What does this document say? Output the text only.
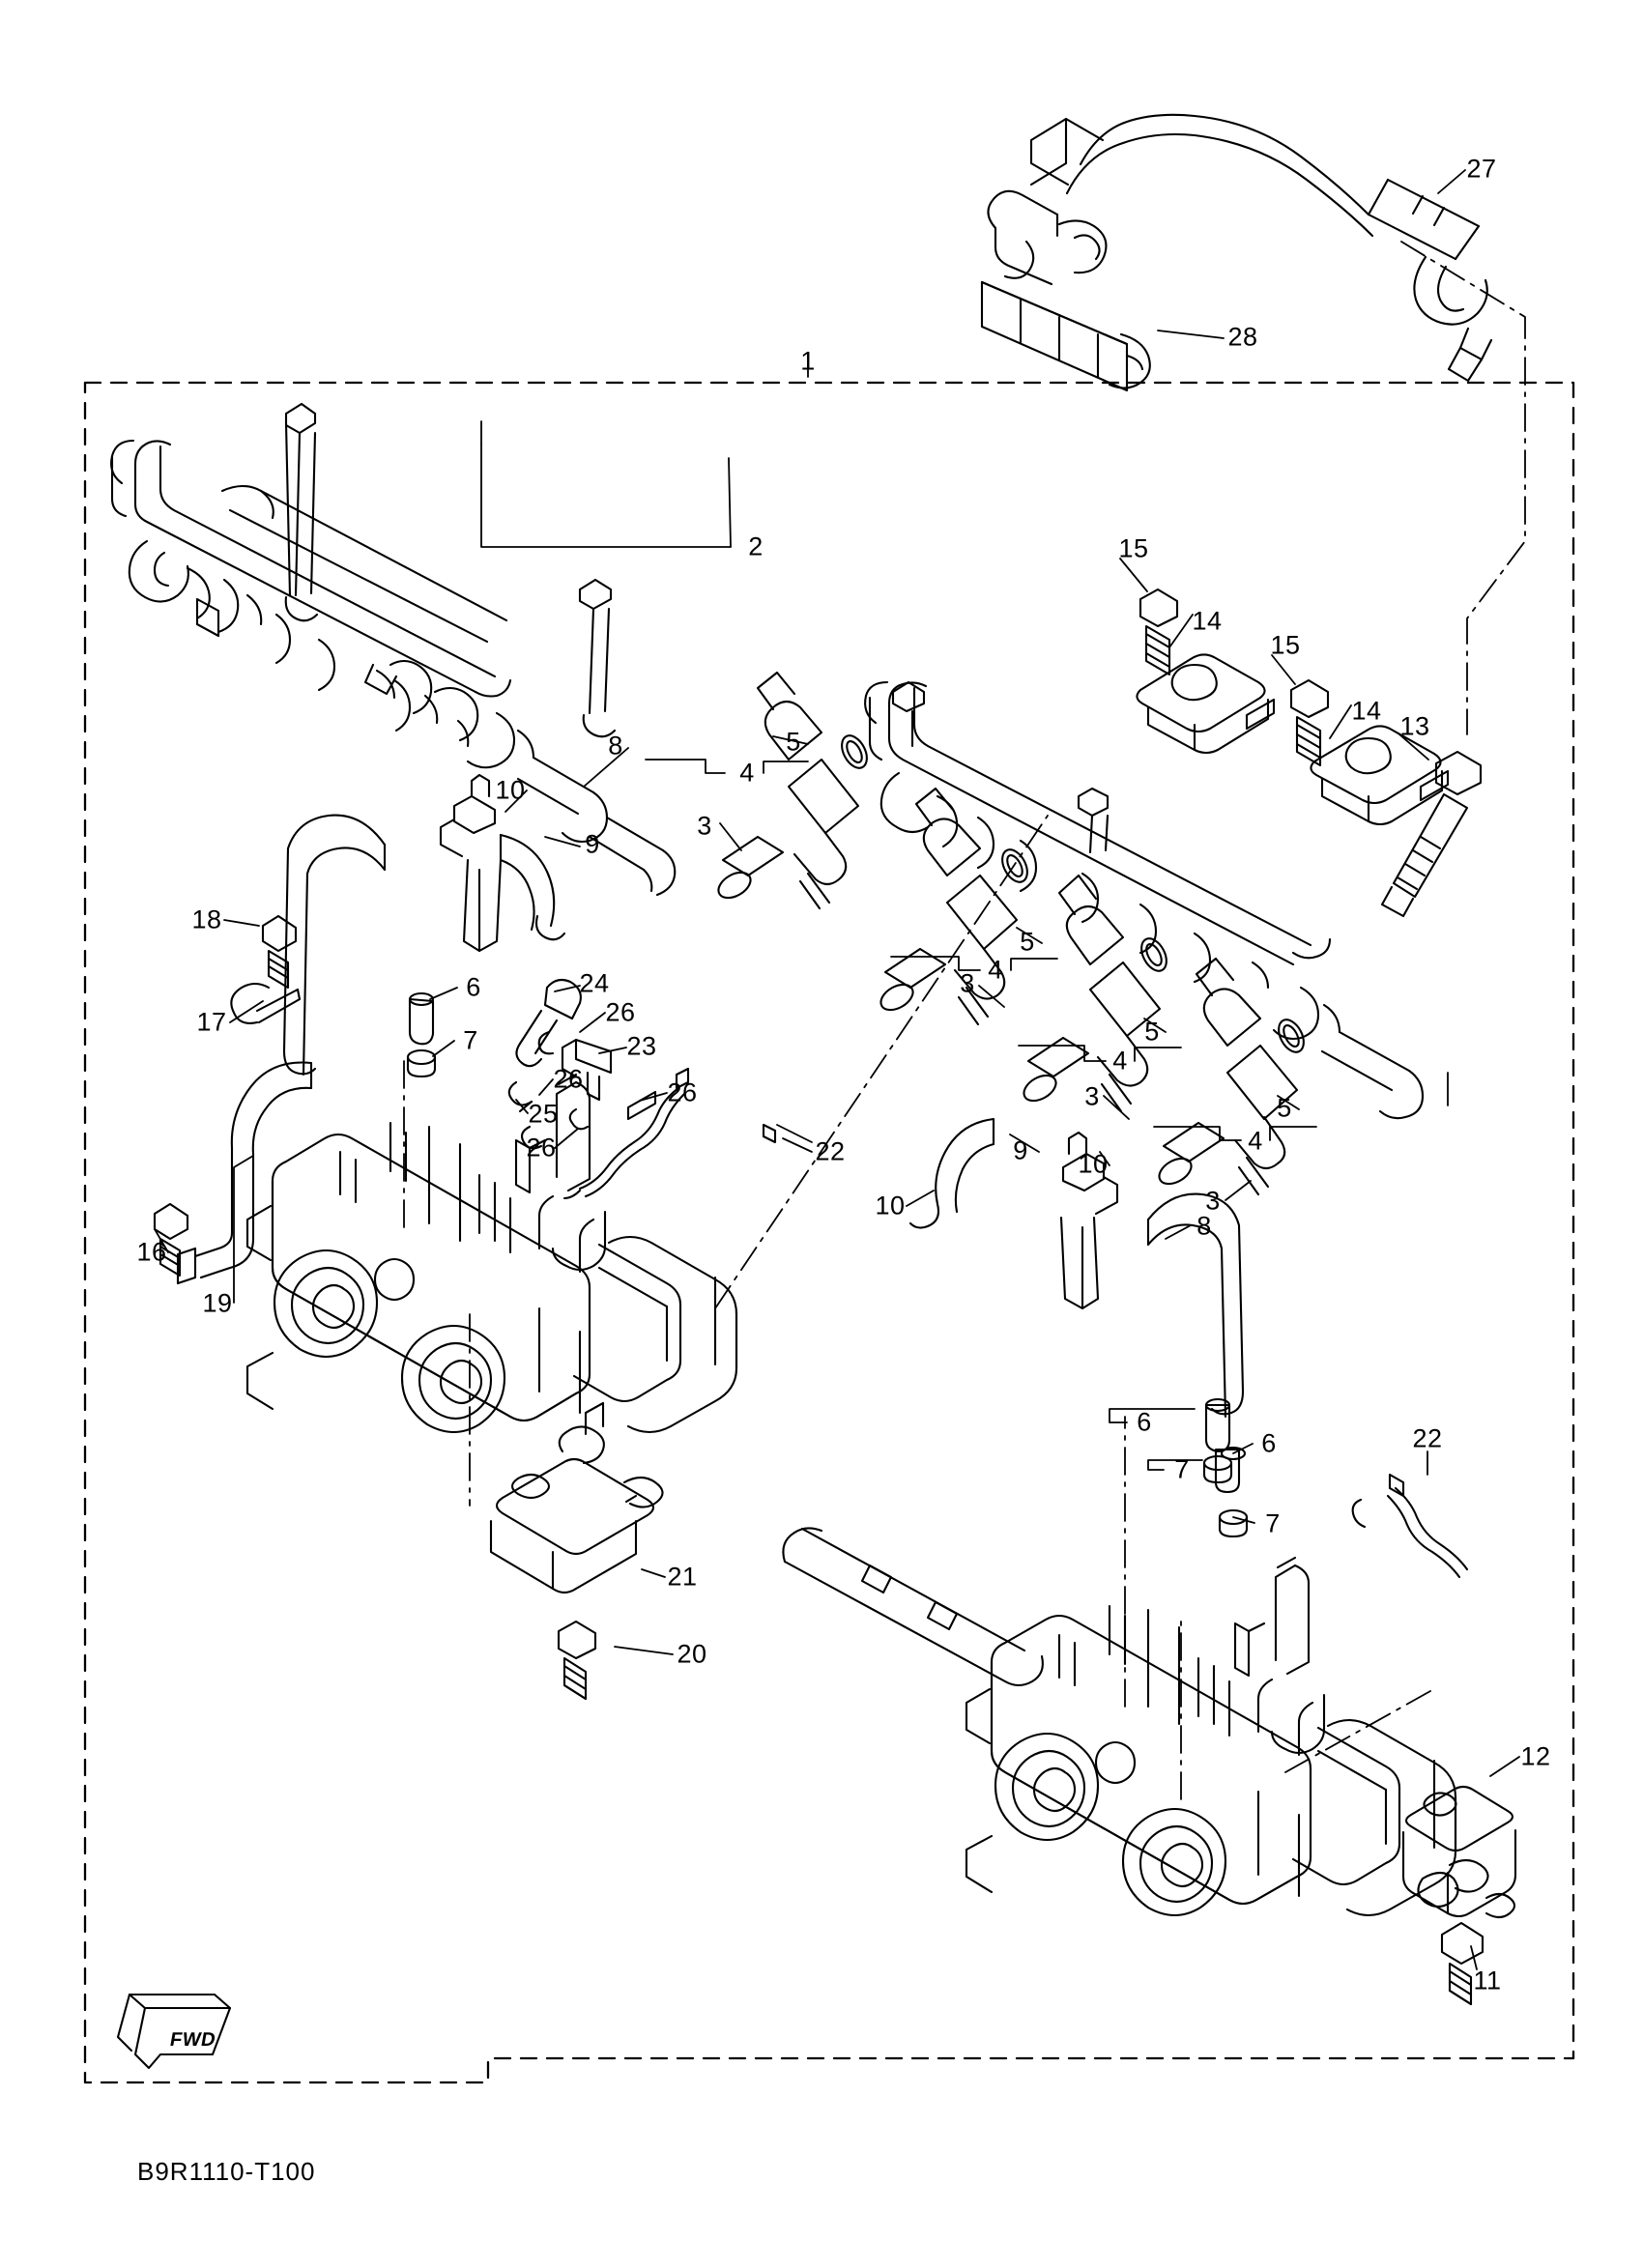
1
2
3
4
5
15
14
15
14
13
8
10
9
18
17
6
7
24
26
23
26
25
26
26	22
3
5
4
5
4
3	5
4
3
9
10
10
8
16
19
6
7
6
7
22
21
20
12
11
27
28
FWD
B9R1110-T100
